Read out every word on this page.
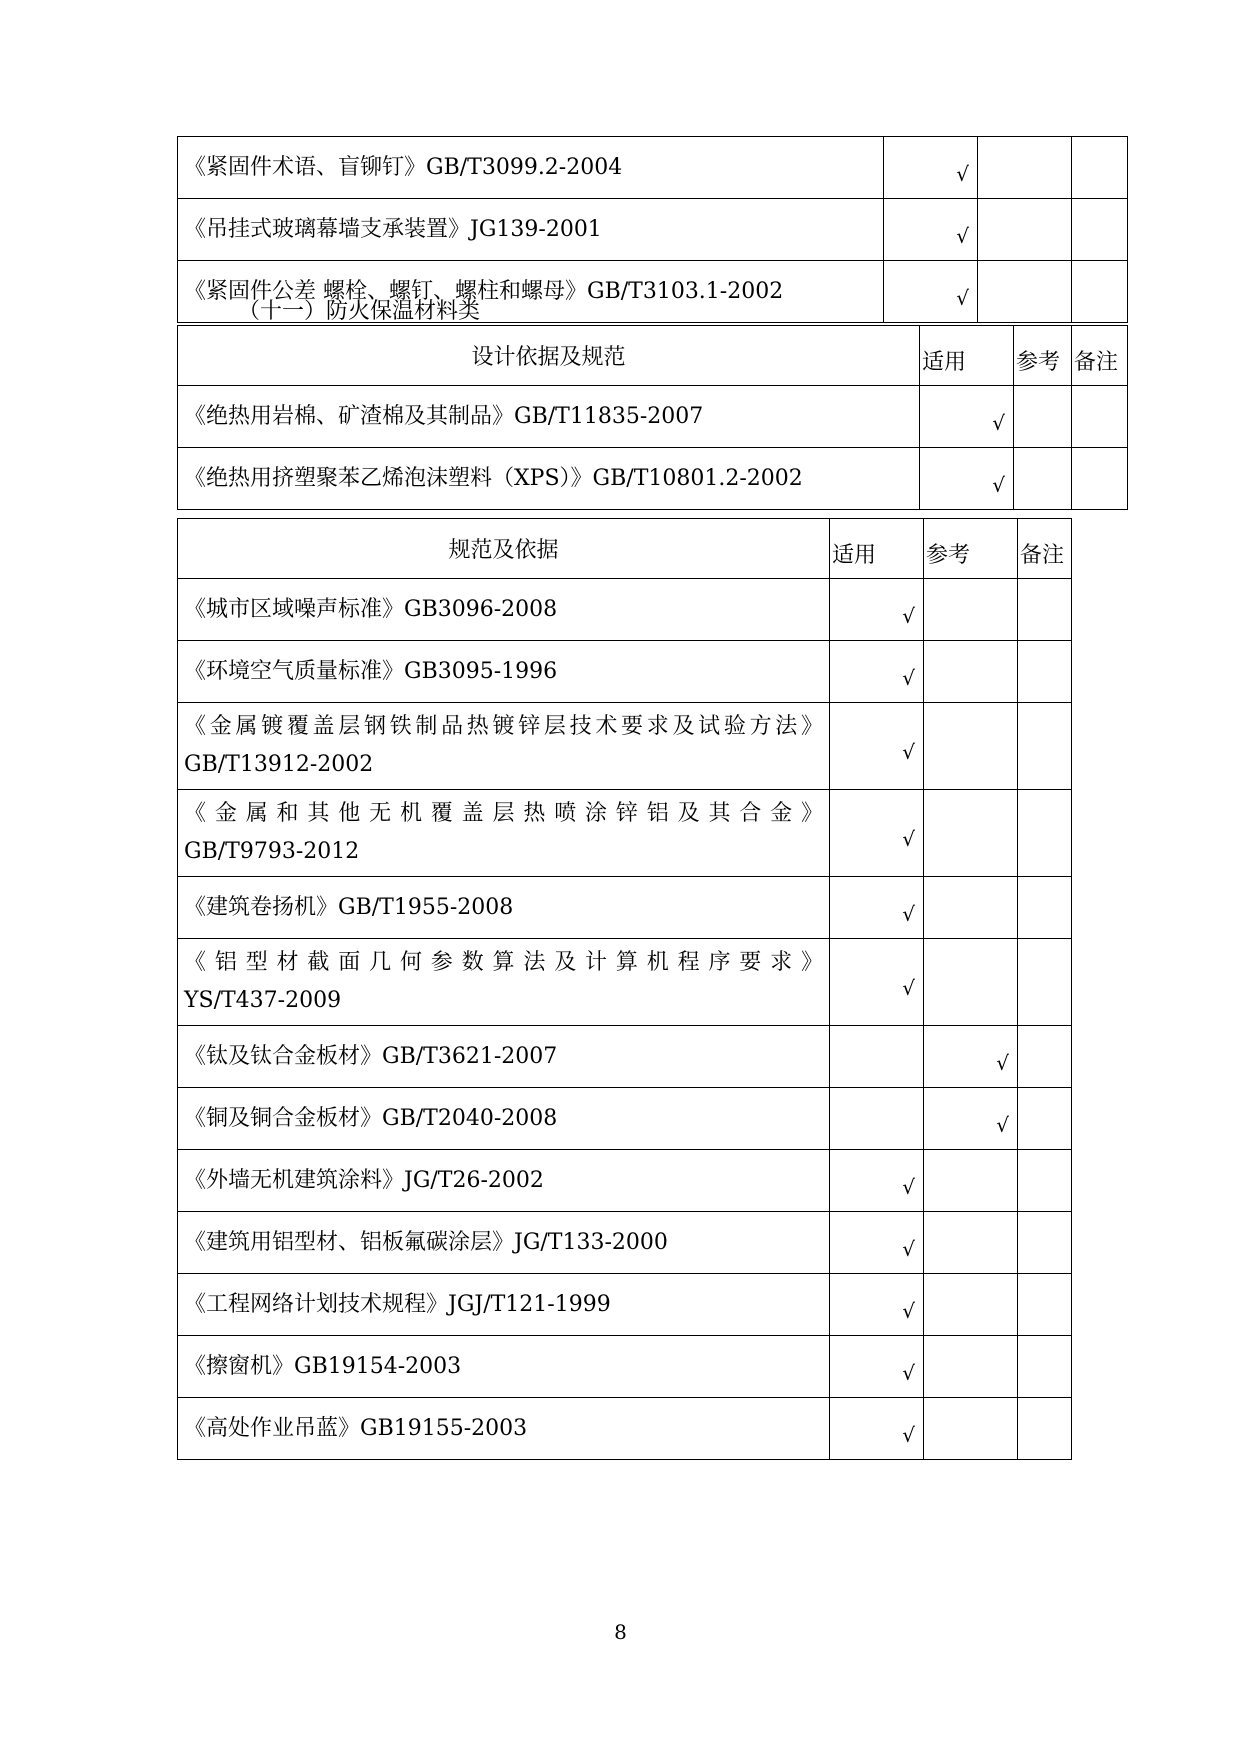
《紧固件术语、盲铆钉》GB/T3099.2-2004	√		
《吊挂式玻璃幕墙支承装置》JG139-2001	√		
《紧固件公差 螺栓、螺钉、螺柱和螺母》GB/T3103.1-2002	√		
（十一）防火保温材料类
设计依据及规范	适用	参考	备注
《绝热用岩棉、矿渣棉及其制品》GB/T11835-2007	√		
《绝热用挤塑聚苯乙烯泡沫塑料（XPS）》GB/T10801.2-2002	√		
规范及依据	适用	参考	备注
《城市区域噪声标准》GB3096-2008	√		
《环境空气质量标准》GB3095-1996	√		

《金属镀覆盖层钢铁制品热镀锌层技术要求及试验方法》
GB/T13912-2002	√		

《金属和其他无机覆盖层热喷涂锌铝及其合金》
GB/T9793-2012	√		
《建筑卷扬机》GB/T1955-2008	√		

《铝型材截面几何参数算法及计算机程序要求》
YS/T437-2009	√		
《钛及钛合金板材》GB/T3621-2007		√	
《铜及铜合金板材》GB/T2040-2008		√	
《外墙无机建筑涂料》JG/T26-2002	√		
《建筑用铝型材、铝板氟碳涂层》JG/T133-2000	√		
《工程网络计划技术规程》JGJ/T121-1999	√		
《擦窗机》GB19154-2003	√		
《高处作业吊蓝》GB19155-2003	√		
8
